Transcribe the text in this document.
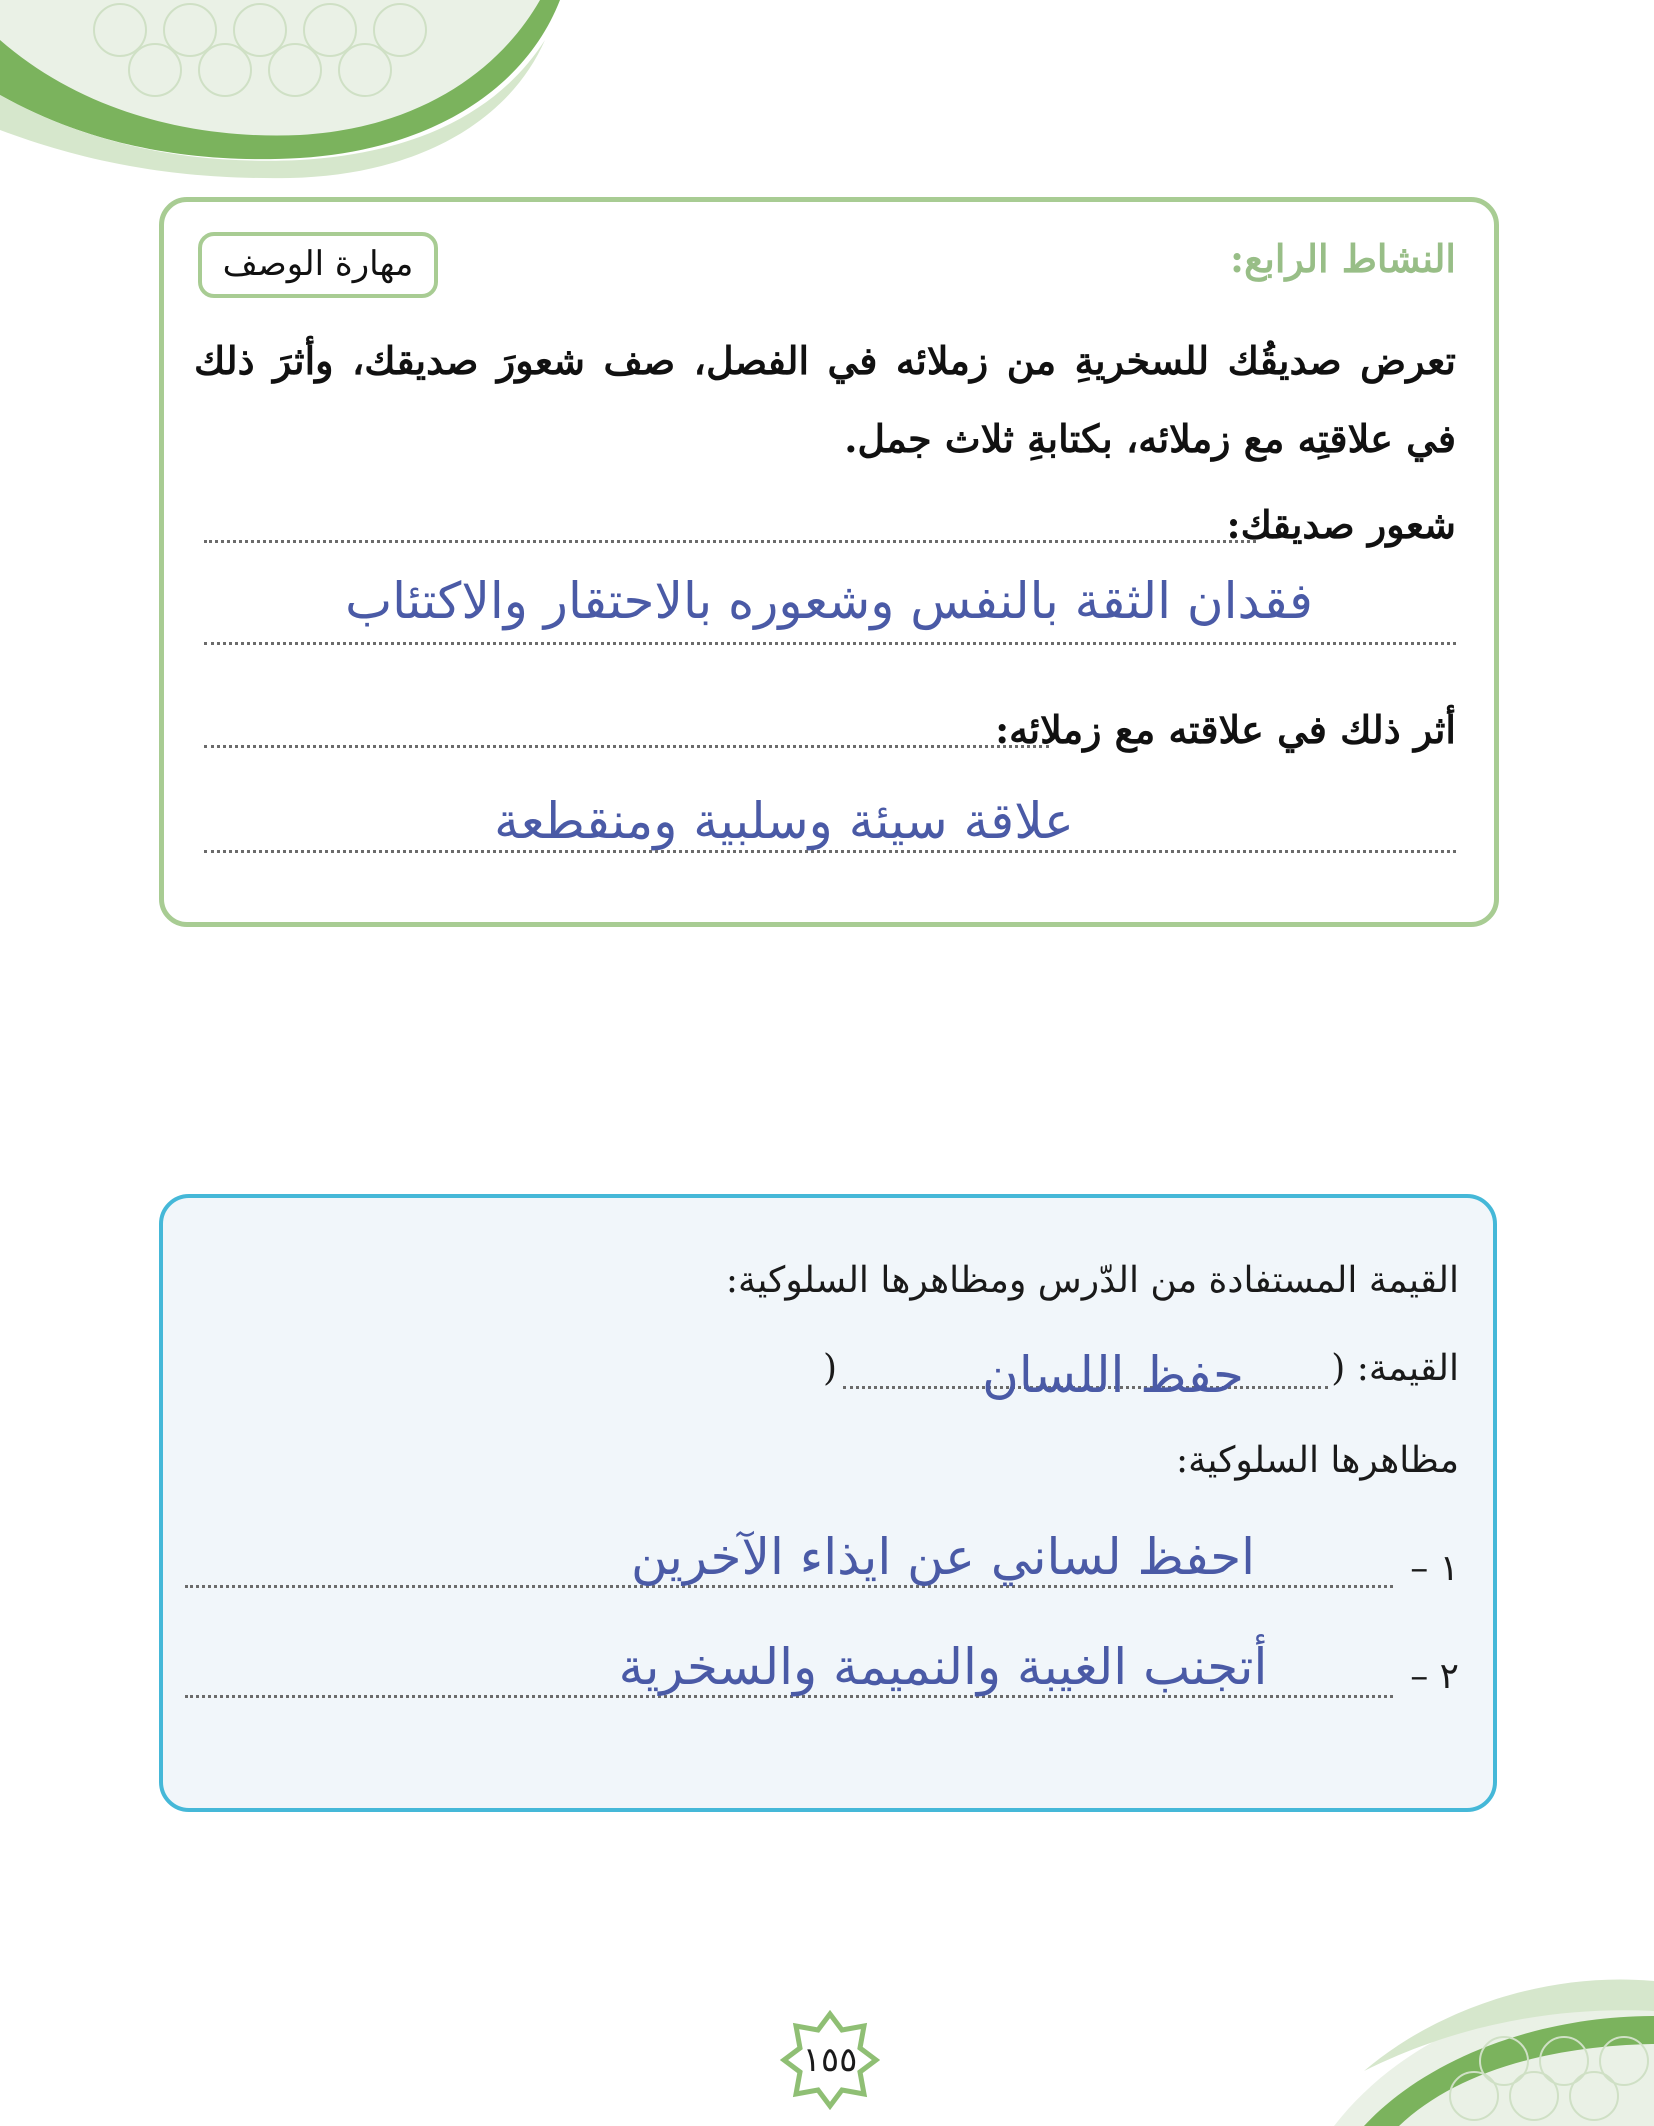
النشاط الرابع:
مهارة الوصف
تعرض صديقُك للسخريةِ من زملائه في الفصل، صف شعورَ صديقك، وأثرَ ذلك في علاقتِه مع زملائه، بكتابةِ ثلاث جمل.
شعور صديقك:
فقدان الثقة بالنفس وشعوره بالاحتقار والاكتئاب
أثر ذلك في علاقته مع زملائه:
علاقة سيئة وسلبية ومنقطعة
القيمة المستفادة من الدّرس ومظاهرها السلوكية:
القيمة: (
)	حفظ اللسان
مظاهرها السلوكية:
١ –
احفظ لساني عن ايذاء الآخرين
٢ –
أتجنب الغيبة والنميمة والسخرية
١٥٥
